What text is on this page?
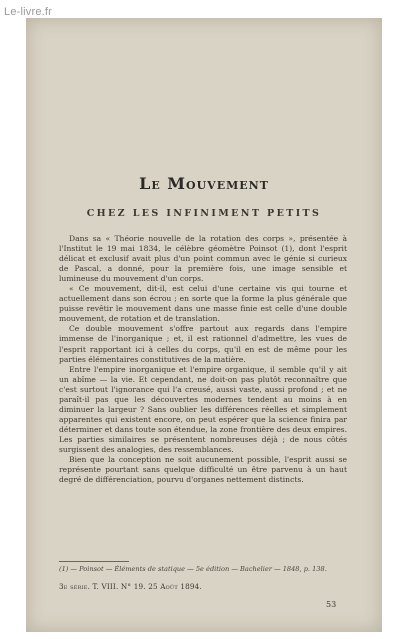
Le-livre.fr
Le Mouvement
CHEZ LES INFINIMENT PETITS

Dans sa « Théorie nouvelle de la rotation des corps », présentée à l'Institut le 19 mai 1834, le célèbre géomètre Poinsot (1), dont l'esprit délicat et exclusif avait plus d'un point commun avec le génie si curieux de Pascal, a donné, pour la première fois, une image sensible et lumineuse du mouvement d'un corps.

« Ce mouvement, dit-il, est celui d'une certaine vis qui tourne et actuellement dans son écrou ; en sorte que la forme la plus générale que puisse revêtir le mouvement dans une masse finie est celle d'une double mouvement, de rotation et de translation.

Ce double mouvement s'offre partout aux regards dans l'empire immense de l'inorganique ; et, il est rationnel d'admettre, les vues de l'esprit rapportant ici à celles du corps, qu'il en est de même pour les parties élémentaires constitutives de la matière.

Entre l'empire inorganique et l'empire organique, il semble qu'il y ait un abîme — la vie. Et cependant, ne doit-on pas plutôt reconnaître que c'est surtout l'ignorance qui l'a creusé, aussi vaste, aussi profond ; et ne paraît-il pas que les découvertes modernes tendent au moins à en diminuer la largeur ? Sans oublier les différences réelles et simplement apparentes qui existent encore, on peut espérer que la science finira par déterminer et dans toute son étendue, la zone frontière des deux empires. Les parties similaires se présentent nombreuses déjà ; de nous côtés surgissent des analogies, des ressemblances.

Bien que la conception ne soit aucunement possible, l'esprit aussi se représente pourtant sans quelque difficulté un être parvenu à un haut degré de différenciation, pourvu d'organes nettement distincts.

(1) — Poinsot — Éléments de statique — 5e édition — Bachelier — 1848, p. 138.

3e série. T. VIII. N° 19. 25 Août 1894.

53
